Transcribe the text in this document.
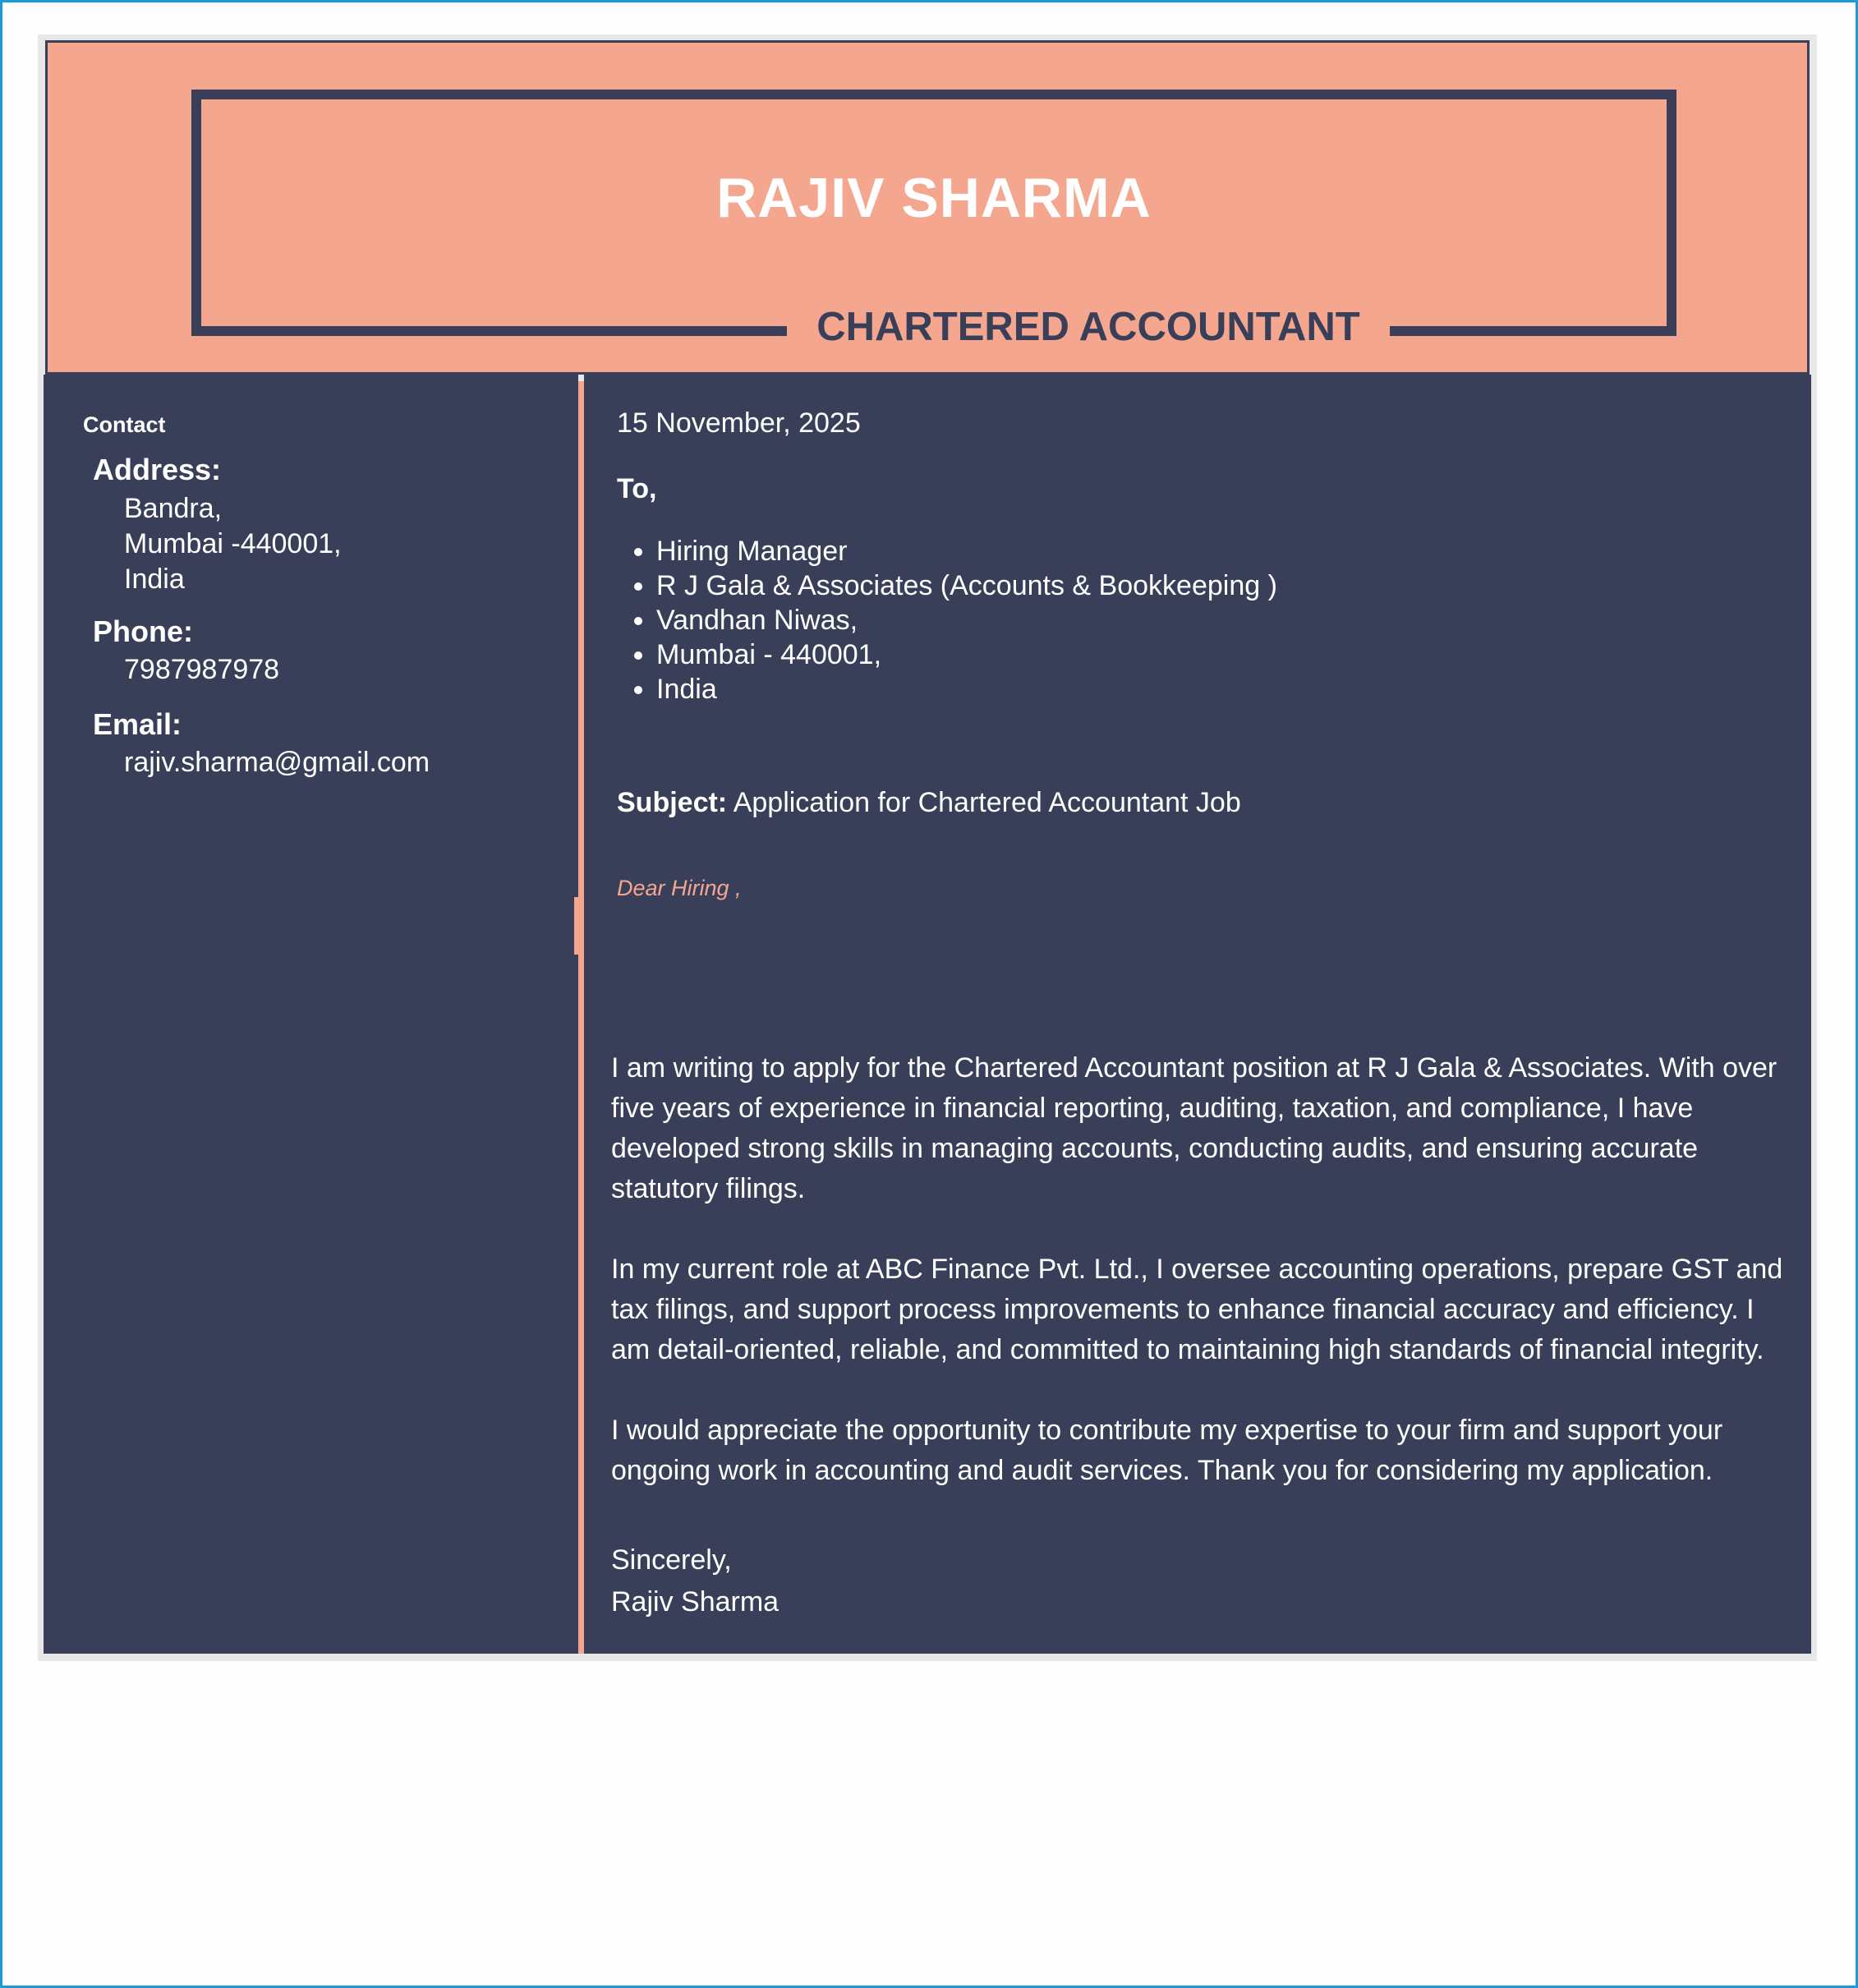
RAJIV SHARMA
CHARTERED ACCOUNTANT
Contact
Address:
Bandra,
Mumbai -440001,
India
Phone:
7987987978
Email:
rajiv.sharma@gmail.com
15 November, 2025
To,
• Hiring Manager
• R J Gala & Associates (Accounts & Bookkeeping )
• Vandhan Niwas,
• Mumbai - 440001,
• India
Subject: Application for Chartered Accountant Job
Dear Hiring ,

I am writing to apply for the Chartered Accountant position at R J Gala & Associates. With over five years of experience in financial reporting, auditing, taxation, and compliance, I have developed strong skills in managing accounts, conducting audits, and ensuring accurate statutory filings.

In my current role at ABC Finance Pvt. Ltd., I oversee accounting operations, prepare GST and tax filings, and support process improvements to enhance financial accuracy and efficiency. I am detail-oriented, reliable, and committed to maintaining high standards of financial integrity.

I would appreciate the opportunity to contribute my expertise to your firm and support your ongoing work in accounting and audit services. Thank you for considering my application.

Sincerely,
Rajiv Sharma
